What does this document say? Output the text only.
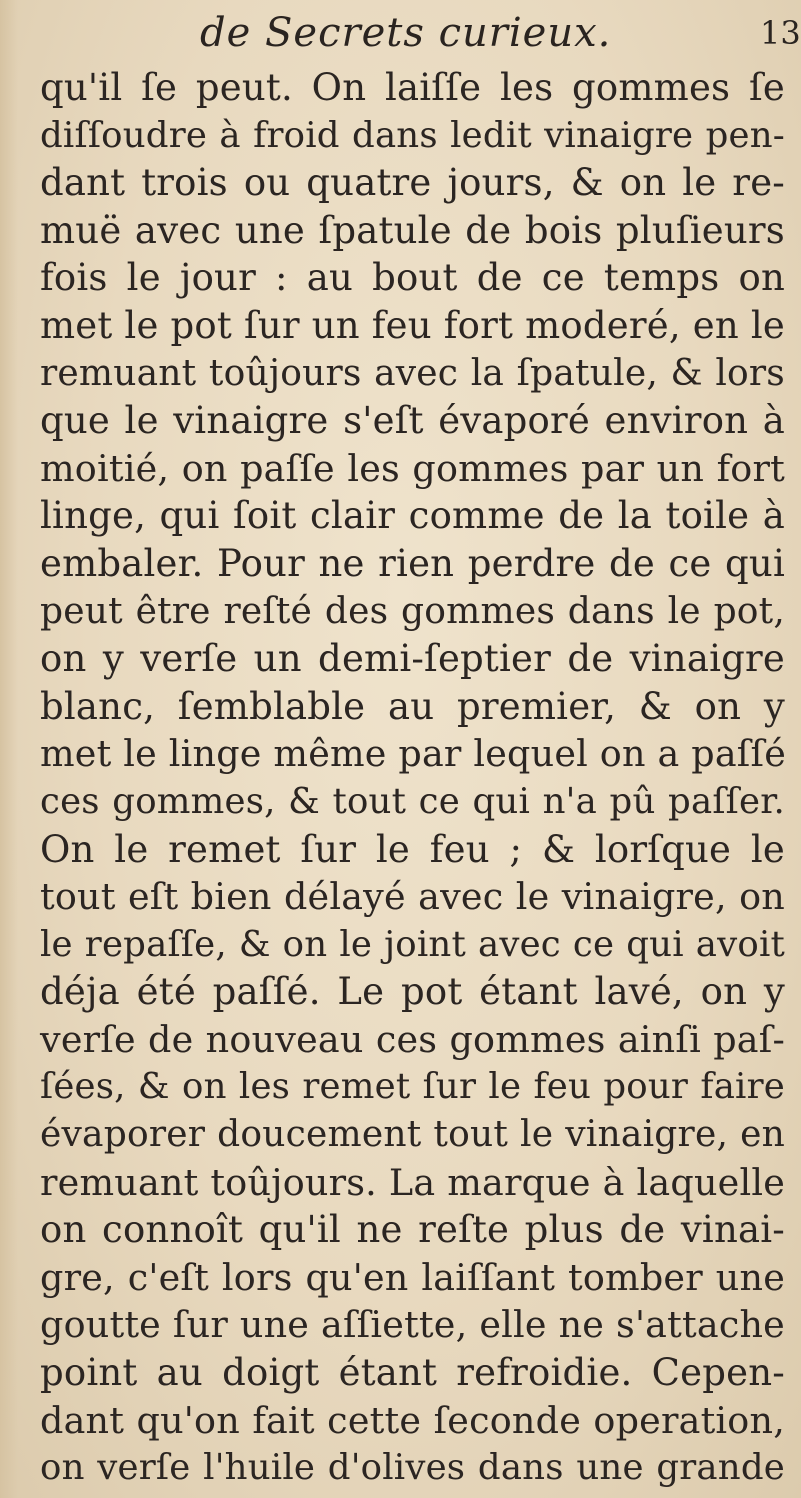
de Secrets curieux.	13
qu'il ſe peut. On laiſſe les gommes ſe
diſſoudre à froid dans ledit vinaigre pen-
dant trois ou quatre jours, & on le re-
muë avec une ſpatule de bois pluſieurs
fois le jour : au bout de ce temps on
met le pot ſur un feu fort moderé, en le
remuant toûjours avec la ſpatule, & lors
que le vinaigre s'eſt évaporé environ à
moitié, on paſſe les gommes par un fort
linge, qui ſoit clair comme de la toile à
embaler. Pour ne rien perdre de ce qui
peut être reſté des gommes dans le pot,
on y verſe un demi-ſeptier de vinaigre
blanc, ſemblable au premier, & on y
met le linge même par lequel on a paſſé
ces gommes, & tout ce qui n'a pû paſſer.
On le remet ſur le feu ; & lorſque le
tout eſt bien délayé avec le vinaigre, on
le repaſſe, & on le joint avec ce qui avoit
déja été paſſé. Le pot étant lavé, on y
verſe de nouveau ces gommes ainſi paſ-
ſées, & on les remet ſur le feu pour faire
évaporer doucement tout le vinaigre, en
remuant toûjours. La marque à laquelle
on connoît qu'il ne reſte plus de vinai-
gre, c'eſt lors qu'en laiſſant tomber une
goutte ſur une aſſiette, elle ne s'attache
point au doigt étant refroidie. Cepen-
dant qu'on fait cette ſeconde operation,
on verſe l'huile d'olives dans une grande
